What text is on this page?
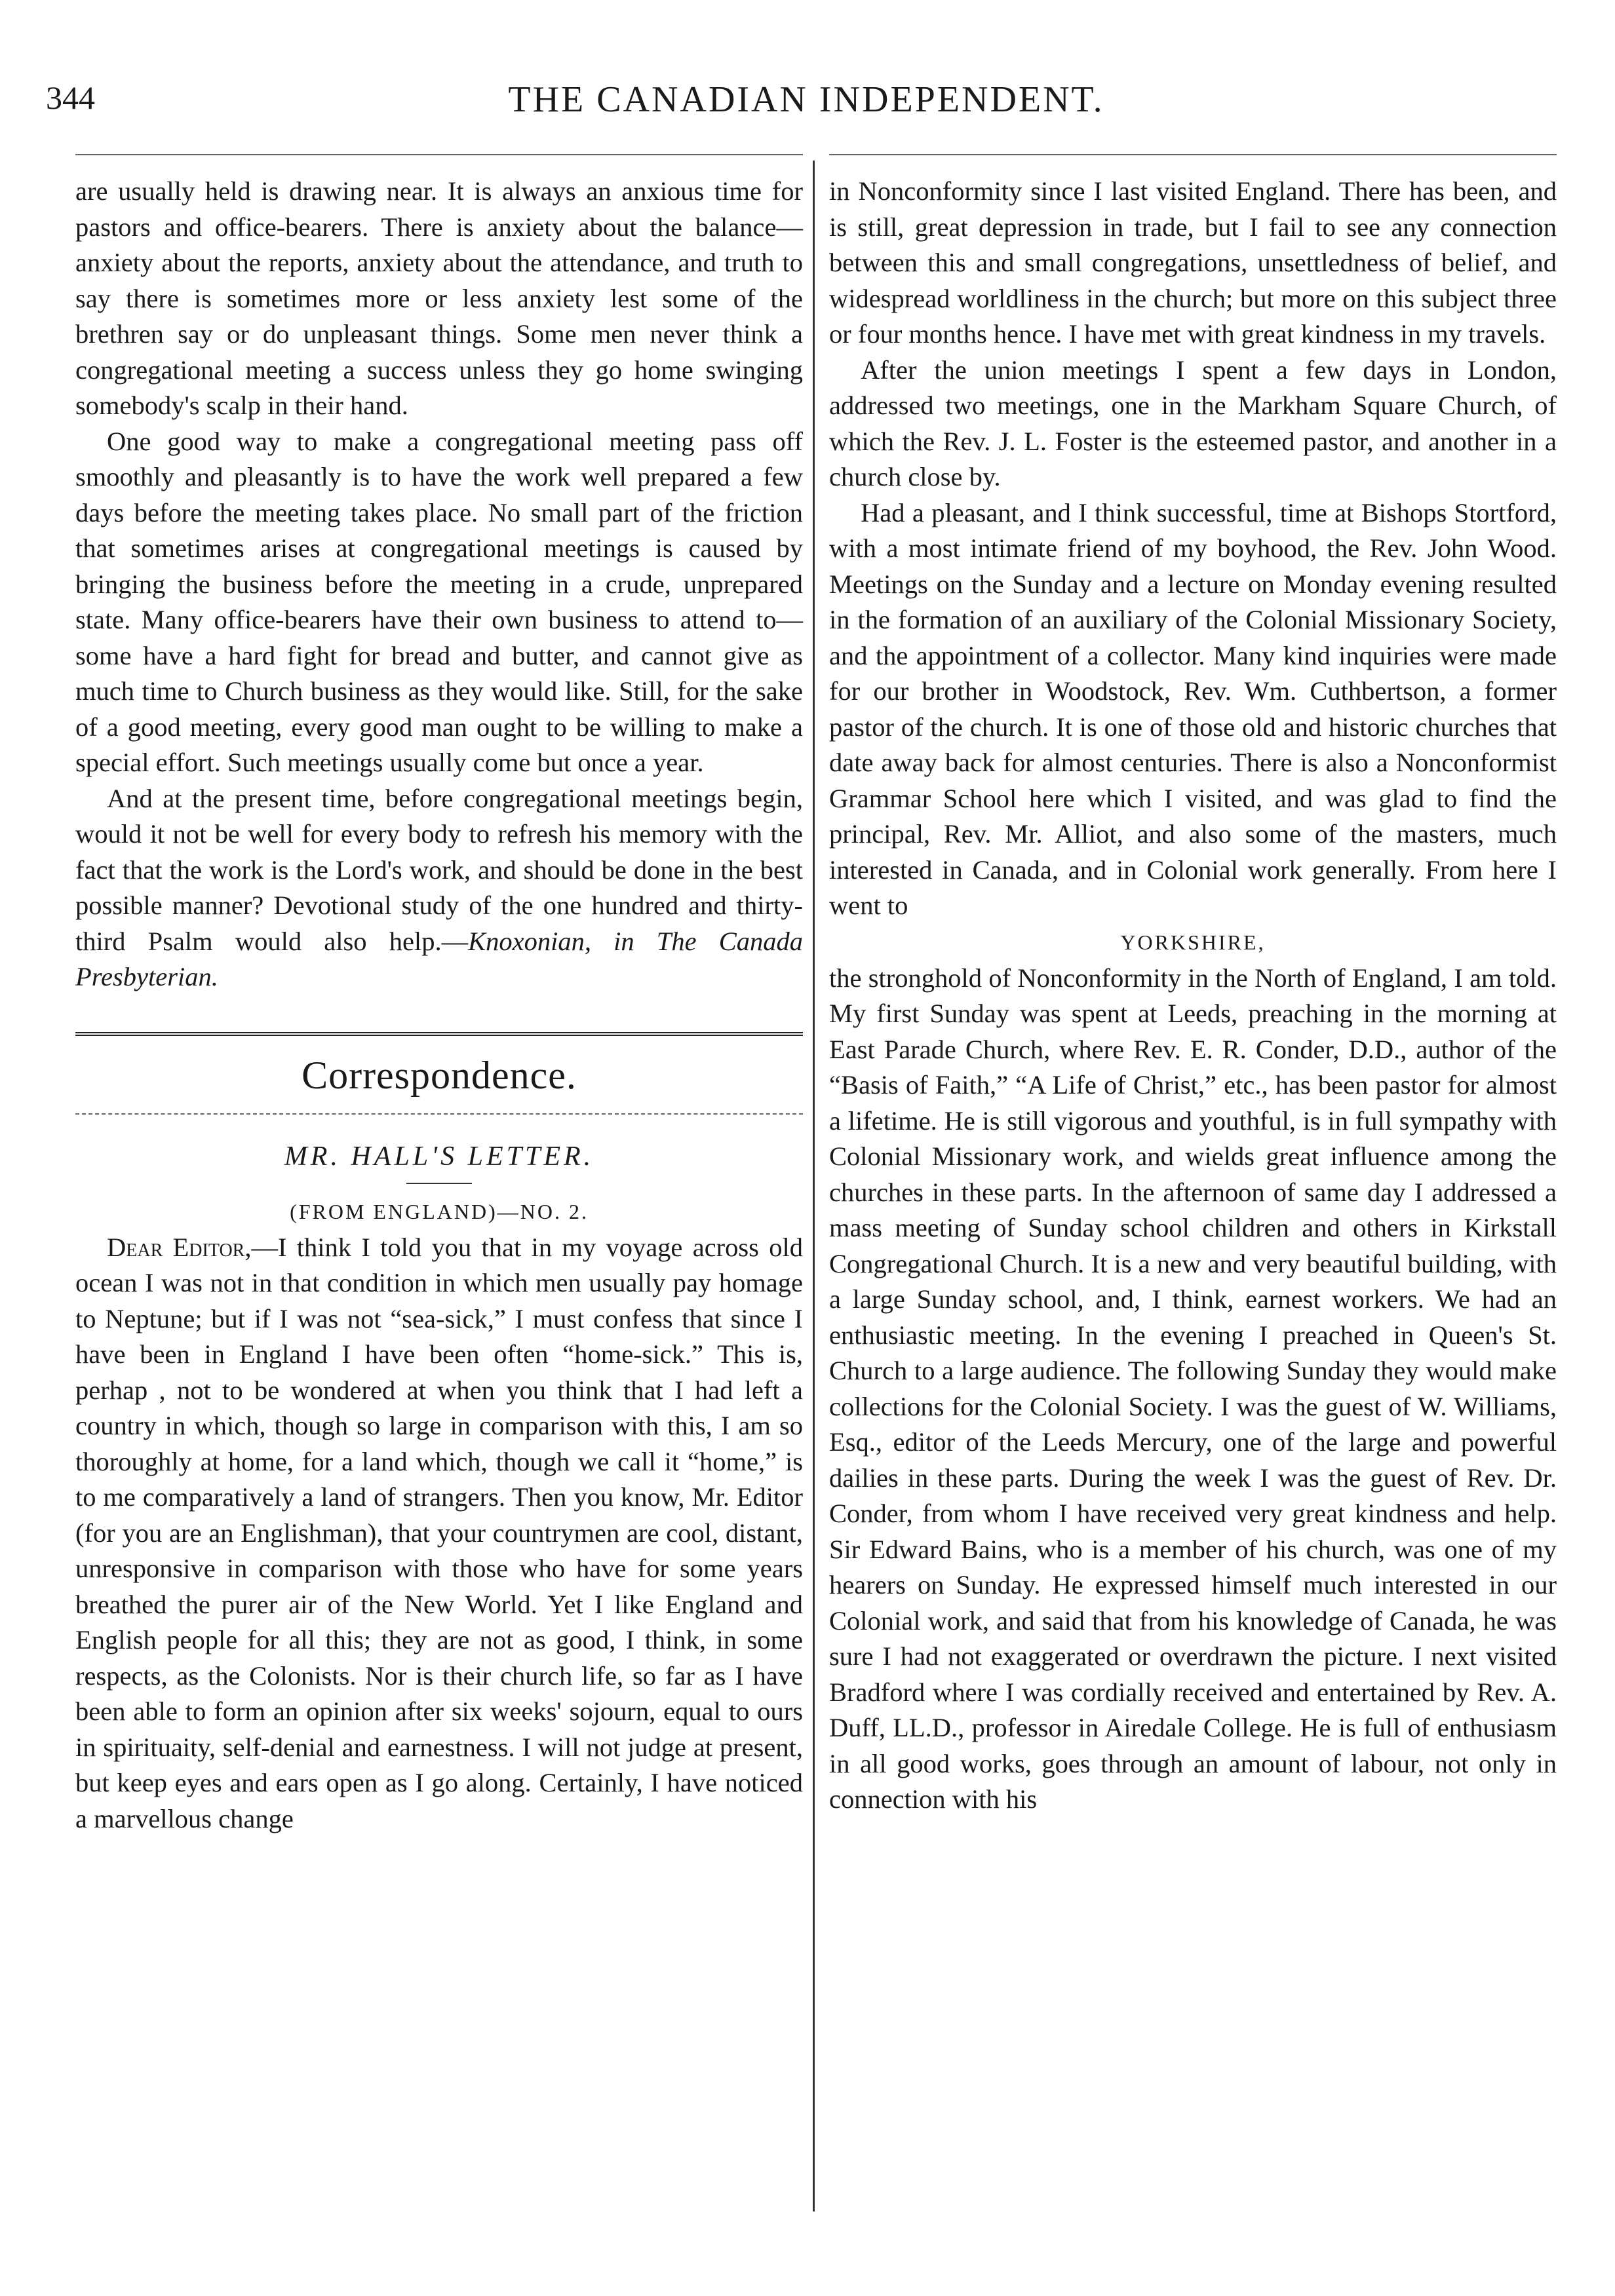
344	THE CANADIAN INDEPENDENT.

are usually held is drawing near. It is always an anxious time for pastors and office-bearers. There is anxiety about the balance—anxiety about the reports, anxiety about the attendance, and truth to say there is sometimes more or less anxiety lest some of the brethren say or do unpleasant things. Some men never think a congregational meeting a success unless they go home swinging somebody's scalp in their hand.

One good way to make a congregational meeting pass off smoothly and pleasantly is to have the work well prepared a few days before the meeting takes place. No small part of the friction that sometimes arises at congregational meetings is caused by bringing the business before the meeting in a crude, unprepared state. Many office-bearers have their own business to attend to—some have a hard fight for bread and butter, and cannot give as much time to Church business as they would like. Still, for the sake of a good meeting, every good man ought to be willing to make a special effort. Such meetings usually come but once a year.

And at the present time, before congregational meetings begin, would it not be well for every body to refresh his memory with the fact that the work is the Lord's work, and should be done in the best possible manner? Devotional study of the one hundred and thirty-third Psalm would also help.—Knoxonian, in The Canada Presbyterian.

Correspondence.
MR. HALL'S LETTER.
(FROM ENGLAND)—NO. 2.

Dear Editor,—I think I told you that in my voyage across old ocean I was not in that condition in which men usually pay homage to Neptune; but if I was not “sea-sick,” I must confess that since I have been in England I have been often “home-sick.” This is, perhap , not to be wondered at when you think that I had left a country in which, though so large in comparison with this, I am so thoroughly at home, for a land which, though we call it “home,” is to me comparatively a land of strangers. Then you know, Mr. Editor (for you are an Englishman), that your countrymen are cool, distant, unresponsive in comparison with those who have for some years breathed the purer air of the New World. Yet I like England and English people for all this; they are not as good, I think, in some respects, as the Colonists. Nor is their church life, so far as I have been able to form an opinion after six weeks' sojourn, equal to ours in spirituaity, self-denial and earnestness. I will not judge at present, but keep eyes and ears open as I go along. Certainly, I have noticed a marvellous change

in Nonconformity since I last visited England. There has been, and is still, great depression in trade, but I fail to see any connection between this and small congregations, unsettledness of belief, and widespread worldliness in the church; but more on this subject three or four months hence. I have met with great kindness in my travels.

After the union meetings I spent a few days in London, addressed two meetings, one in the Markham Square Church, of which the Rev. J. L. Foster is the esteemed pastor, and another in a church close by.

Had a pleasant, and I think successful, time at Bishops Stortford, with a most intimate friend of my boyhood, the Rev. John Wood. Meetings on the Sunday and a lecture on Monday evening resulted in the formation of an auxiliary of the Colonial Missionary Society, and the appointment of a collector. Many kind inquiries were made for our brother in Woodstock, Rev. Wm. Cuthbertson, a former pastor of the church. It is one of those old and historic churches that date away back for almost centuries. There is also a Nonconformist Grammar School here which I visited, and was glad to find the principal, Rev. Mr. Alliot, and also some of the masters, much interested in Canada, and in Colonial work generally. From here I went to

YORKSHIRE,

the stronghold of Nonconformity in the North of England, I am told. My first Sunday was spent at Leeds, preaching in the morning at East Parade Church, where Rev. E. R. Conder, D.D., author of the “Basis of Faith,” “A Life of Christ,” etc., has been pastor for almost a lifetime. He is still vigorous and youthful, is in full sympathy with Colonial Missionary work, and wields great influence among the churches in these parts. In the afternoon of same day I addressed a mass meeting of Sunday school children and others in Kirkstall Congregational Church. It is a new and very beautiful building, with a large Sunday school, and, I think, earnest workers. We had an enthusiastic meeting. In the evening I preached in Queen's St. Church to a large audience. The following Sunday they would make collections for the Colonial Society. I was the guest of W. Williams, Esq., editor of the Leeds Mercury, one of the large and powerful dailies in these parts. During the week I was the guest of Rev. Dr. Conder, from whom I have received very great kindness and help. Sir Edward Bains, who is a member of his church, was one of my hearers on Sunday. He expressed himself much interested in our Colonial work, and said that from his knowledge of Canada, he was sure I had not exaggerated or overdrawn the picture. I next visited Bradford where I was cordially received and entertained by Rev. A. Duff, LL.D., professor in Airedale College. He is full of enthusiasm in all good works, goes through an amount of labour, not only in connection with his
